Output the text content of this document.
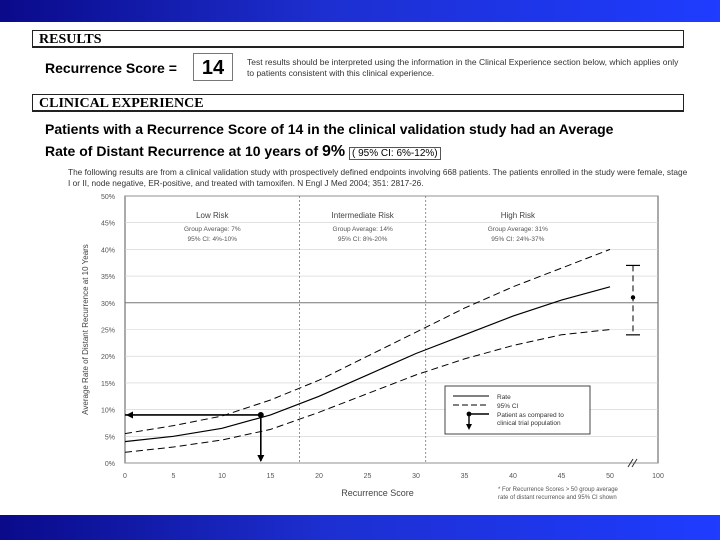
RESULTS
Recurrence Score =	14	Test results should be interpreted using the information in the Clinical Experience section below, which applies only to patients consistent with this clinical experience.
CLINICAL EXPERIENCE
Patients with a Recurrence Score of 14 in the clinical validation study had an Average
Rate of Distant Recurrence at 10 years of 9% ( 95% CI: 6%-12%)
The following results are from a clinical validation study with prospectively defined endpoints involving 668 patients. The patients enrolled in the study were female, stage I or II, node negative, ER-positive, and treated with tamoxifen. N Engl J Med 2004; 351: 2817-26.
0%
5%
10%
15%
20%
25%
30%
35%
40%
45%
50%
0	5	10	15	20	25	30	35	40	45	50	100
Low Risk
Group Average: 7%
95% CI: 4%-10%
Intermediate Risk
Group Average: 14%
95% CI: 8%-20%
High Risk
Group Average: 31%
95% CI: 24%-37%
Rate
95% CI
Patient as compared to
clinical trial population
Recurrence Score
Average Rate of Distant Recurrence at 10 Years
* For Recurrence Scores > 50 group average
rate of distant recurrence and 95% CI shown
